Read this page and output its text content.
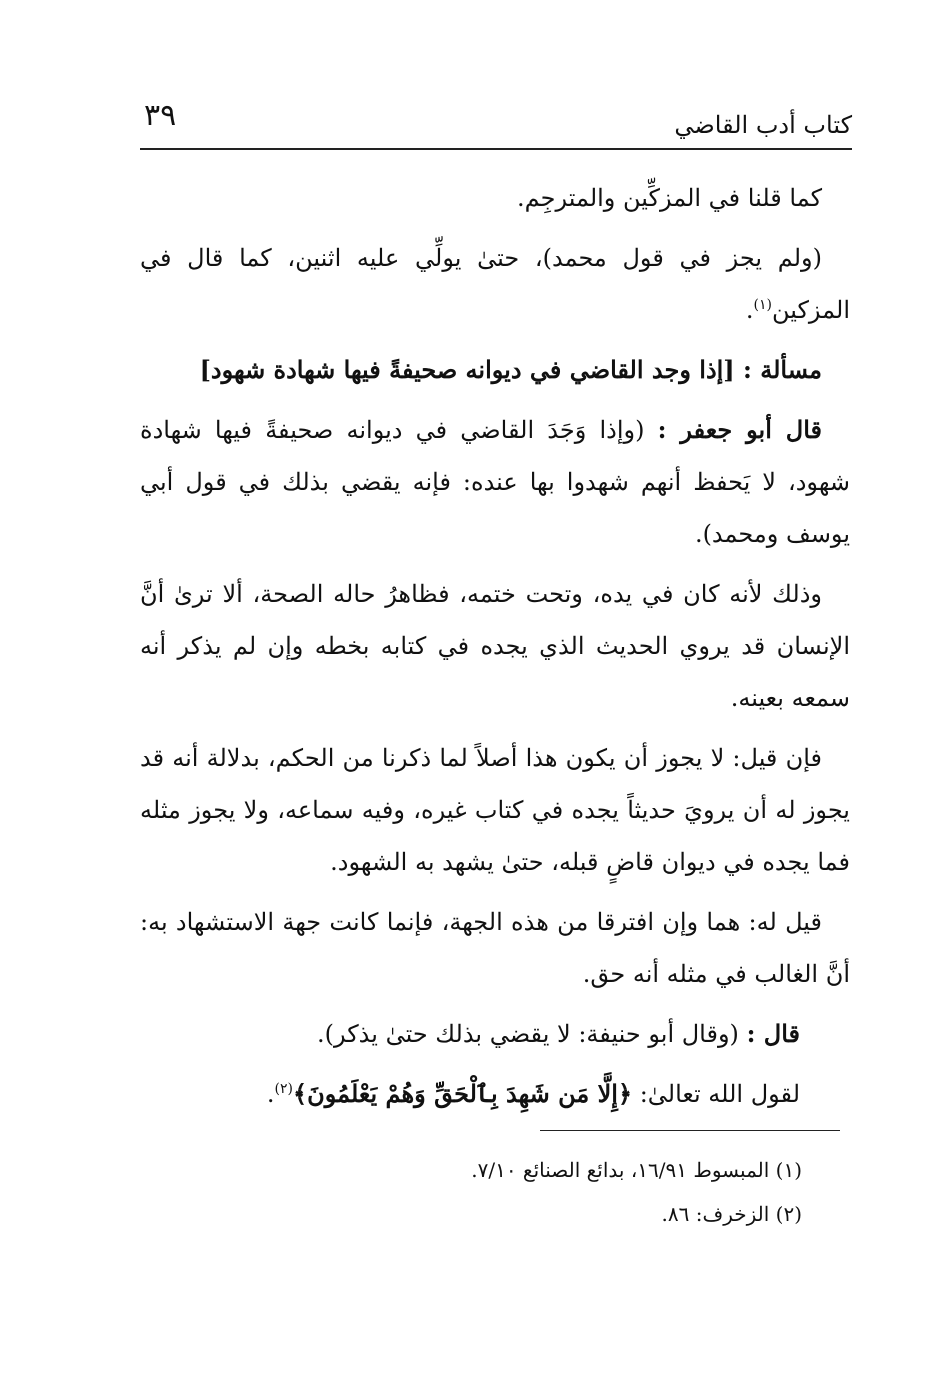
كتاب أدب القاضي
٣٩

كما قلنا في المزكِّين والمترجِم.

(ولم يجز في قول محمد)، حتىٰ يولِّي عليه اثنين، كما قال في المزكين$^{(١)}$.

مسألة : [إذا وجد القاضي في ديوانه صحيفةً فيها شهادة شهود]

قال أبو جعفر : (وإذا وَجَدَ القاضي في ديوانه صحيفةً فيها شهادة شهود، لا يَحفظ أنهم شهدوا بها عنده: فإنه يقضي بذلك في قول أبي يوسف ومحمد).

وذلك لأنه كان في يده، وتحت ختمه، فظاهرُ حاله الصحة، ألا ترىٰ أنَّ الإنسان قد يروي الحديث الذي يجده في كتابه بخطه وإن لم يذكر أنه سمعه بعينه.

فإن قيل: لا يجوز أن يكون هذا أصلاً لما ذكرنا من الحكم، بدلالة أنه قد يجوز له أن يرويَ حديثاً يجده في كتاب غيره، وفيه سماعه، ولا يجوز مثله فما يجده في ديوان قاضٍ قبله، حتىٰ يشهد به الشهود.

قيل له: هما وإن افترقا من هذه الجهة، فإنما كانت جهة الاستشهاد به: أنَّ الغالب في مثله أنه حق.

قال : (وقال أبو حنيفة: لا يقضي بذلك حتىٰ يذكر).

لقول الله تعالىٰ: ﴿إِلَّا مَن شَهِدَ بِٱلْحَقِّ وَهُمْ يَعْلَمُونَ﴾$^{(٢)}$.

(١) المبسوط ١٦/٩١، بدائع الصنائع ٧/١٠.

(٢) الزخرف: ٨٦.
